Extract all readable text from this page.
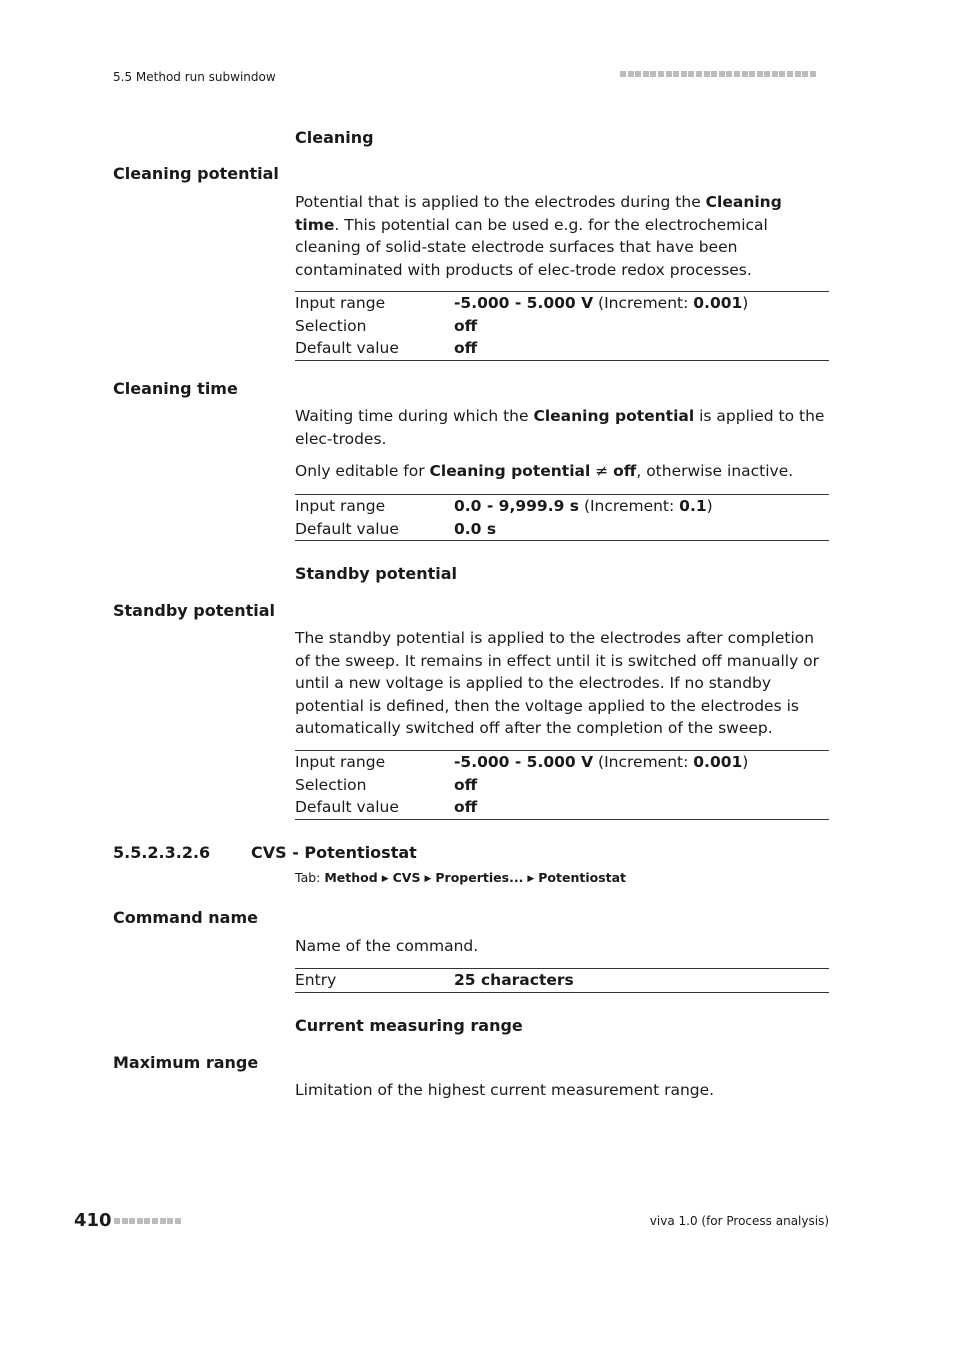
5.5 Method run subwindow
Cleaning
Cleaning potential
Potential that is applied to the electrodes during the Cleaning time. This potential can be used e.g. for the electrochemical cleaning of solid-state electrode surfaces that have been contaminated with products of elec-trode redox processes.
Input range	-5.000 - 5.000 V (Increment: 0.001)
Selection	off
Default value	off
Cleaning time
Waiting time during which the Cleaning potential is applied to the elec-trodes.
Only editable for Cleaning potential ≠ off, otherwise inactive.
Input range	0.0 - 9,999.9 s (Increment: 0.1)
Default value	0.0 s
Standby potential
Standby potential
The standby potential is applied to the electrodes after completion of the sweep. It remains in effect until it is switched off manually or until a new voltage is applied to the electrodes. If no standby potential is defined, then the voltage applied to the electrodes is automatically switched off after the completion of the sweep.
Input range	-5.000 - 5.000 V (Increment: 0.001)
Selection	off
Default value	off
5.5.2.3.2.6	CVS - Potentiostat
Tab: Method ▶ CVS ▶ Properties... ▶ Potentiostat
Command name
Name of the command.
Entry	25 characters
Current measuring range
Maximum range
Limitation of the highest current measurement range.
410	viva 1.0 (for Process analysis)
